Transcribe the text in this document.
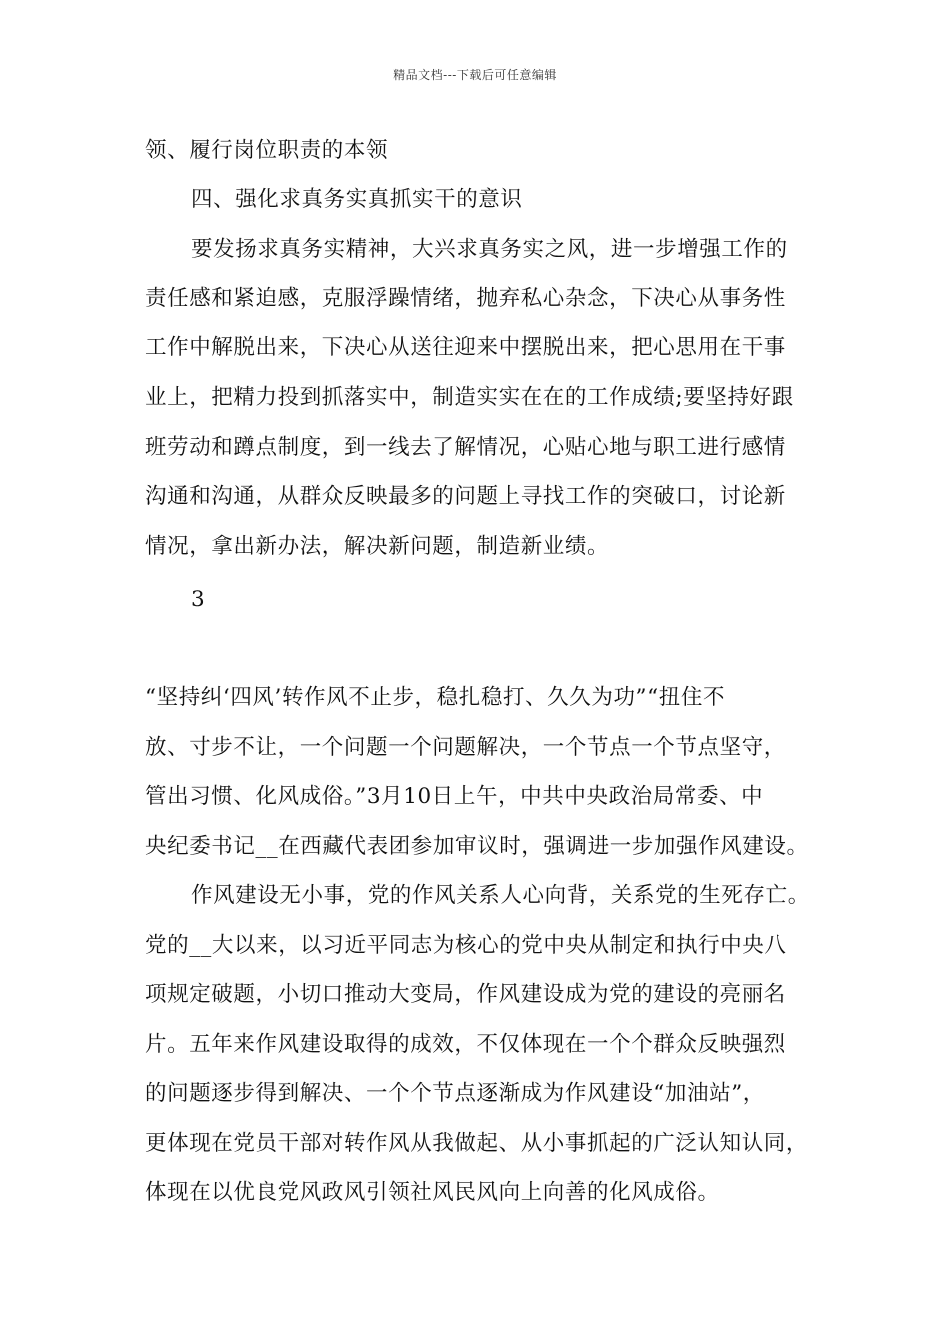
精品文档---下载后可任意编辑
领、履行岗位职责的本领
四、强化求真务实真抓实干的意识
要发扬求真务实精神，大兴求真务实之风，进一步增强工作的
责任感和紧迫感，克服浮躁情绪，抛弃私心杂念，下决心从事务性
工作中解脱出来，下决心从送往迎来中摆脱出来，把心思用在干事
业上，把精力投到抓落实中，制造实实在在的工作成绩;要坚持好跟
班劳动和蹲点制度，到一线去了解情况，心贴心地与职工进行感情
沟通和沟通，从群众反映最多的问题上寻找工作的突破口，讨论新
情况，拿出新办法，解决新问题，制造新业绩。
3
“坚持纠‘四风’转作风不止步，稳扎稳打、久久为功”“扭住不
放、寸步不让，一个问题一个问题解决，一个节点一个节点坚守，
管出习惯、化风成俗。”3月10日上午，中共中央政治局常委、中
央纪委书记__在西藏代表团参加审议时，强调进一步加强作风建设。
作风建设无小事，党的作风关系人心向背，关系党的生死存亡。
党的__大以来，以习近平同志为核心的党中央从制定和执行中央八
项规定破题，小切口推动大变局，作风建设成为党的建设的亮丽名
片。五年来作风建设取得的成效，不仅体现在一个个群众反映强烈
的问题逐步得到解决、一个个节点逐渐成为作风建设“加油站”，
更体现在党员干部对转作风从我做起、从小事抓起的广泛认知认同，
体现在以优良党风政风引领社风民风向上向善的化风成俗。
